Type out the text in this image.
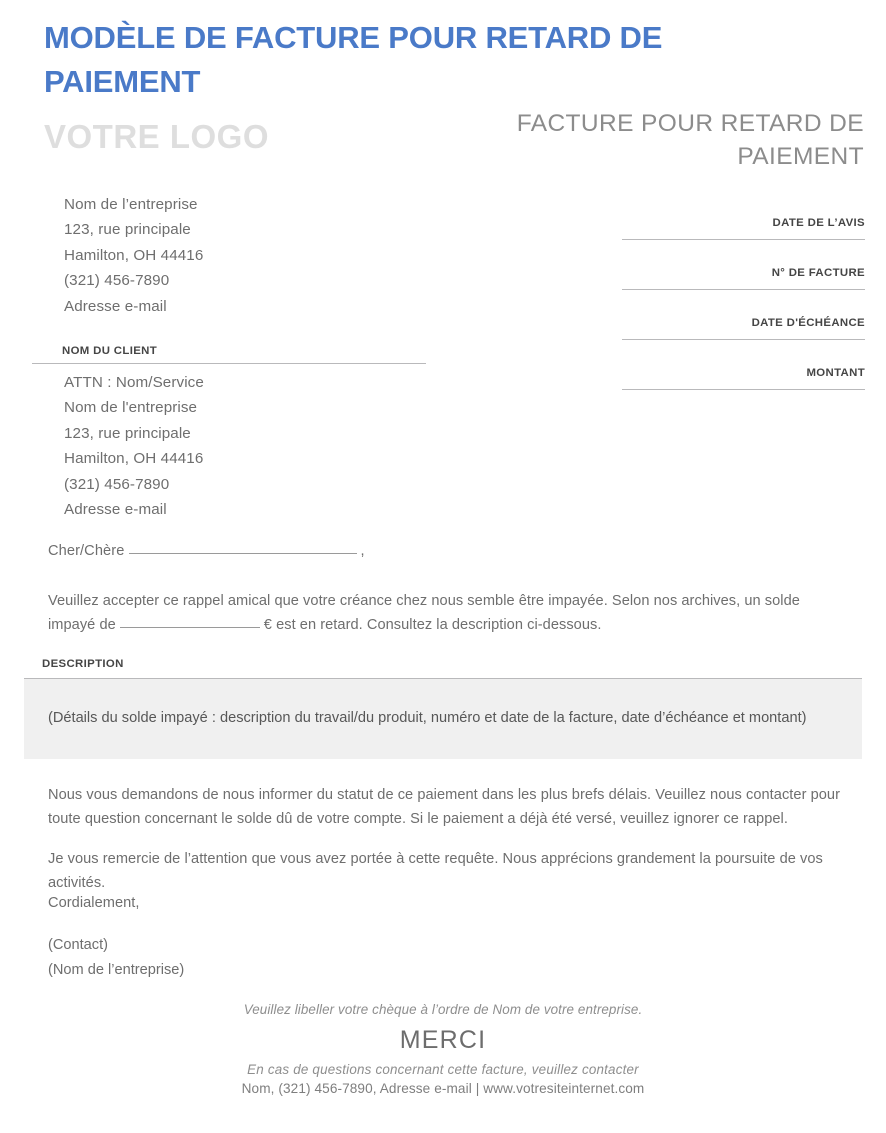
MODÈLE DE FACTURE POUR RETARD DE PAIEMENT
VOTRE LOGO	FACTURE POUR RETARD DE PAIEMENT
Nom de l’entreprise
123, rue principale
Hamilton, OH 44416
(321) 456-7890
Adresse e-mail
DATE DE L’AVIS
N° DE FACTURE
DATE D'ÉCHÉANCE
MONTANT
NOM DU CLIENT
ATTN : Nom/Service
Nom de l'entreprise
123, rue principale
Hamilton, OH 44416
(321) 456-7890
Adresse e-mail
Cher/Chère	,
Veuillez accepter ce rappel amical que votre créance chez nous semble être impayée. Selon nos archives, un solde impayé de	€ est en retard. Consultez la description ci-dessous.
DESCRIPTION
(Détails du solde impayé : description du travail/du produit, numéro et date de la facture, date d’échéance et montant)
Nous vous demandons de nous informer du statut de ce paiement dans les plus brefs délais. Veuillez nous contacter pour toute question concernant le solde dû de votre compte. Si le paiement a déjà été versé, veuillez ignorer ce rappel.
Je vous remercie de l’attention que vous avez portée à cette requête. Nous apprécions grandement la poursuite de vos activités.
Cordialement,
(Contact)
(Nom de l’entreprise)
Veuillez libeller votre chèque à l’ordre de Nom de votre entreprise.
MERCI
En cas de questions concernant cette facture, veuillez contacter
Nom, (321) 456-7890, Adresse e-mail | www.votresiteinternet.com
